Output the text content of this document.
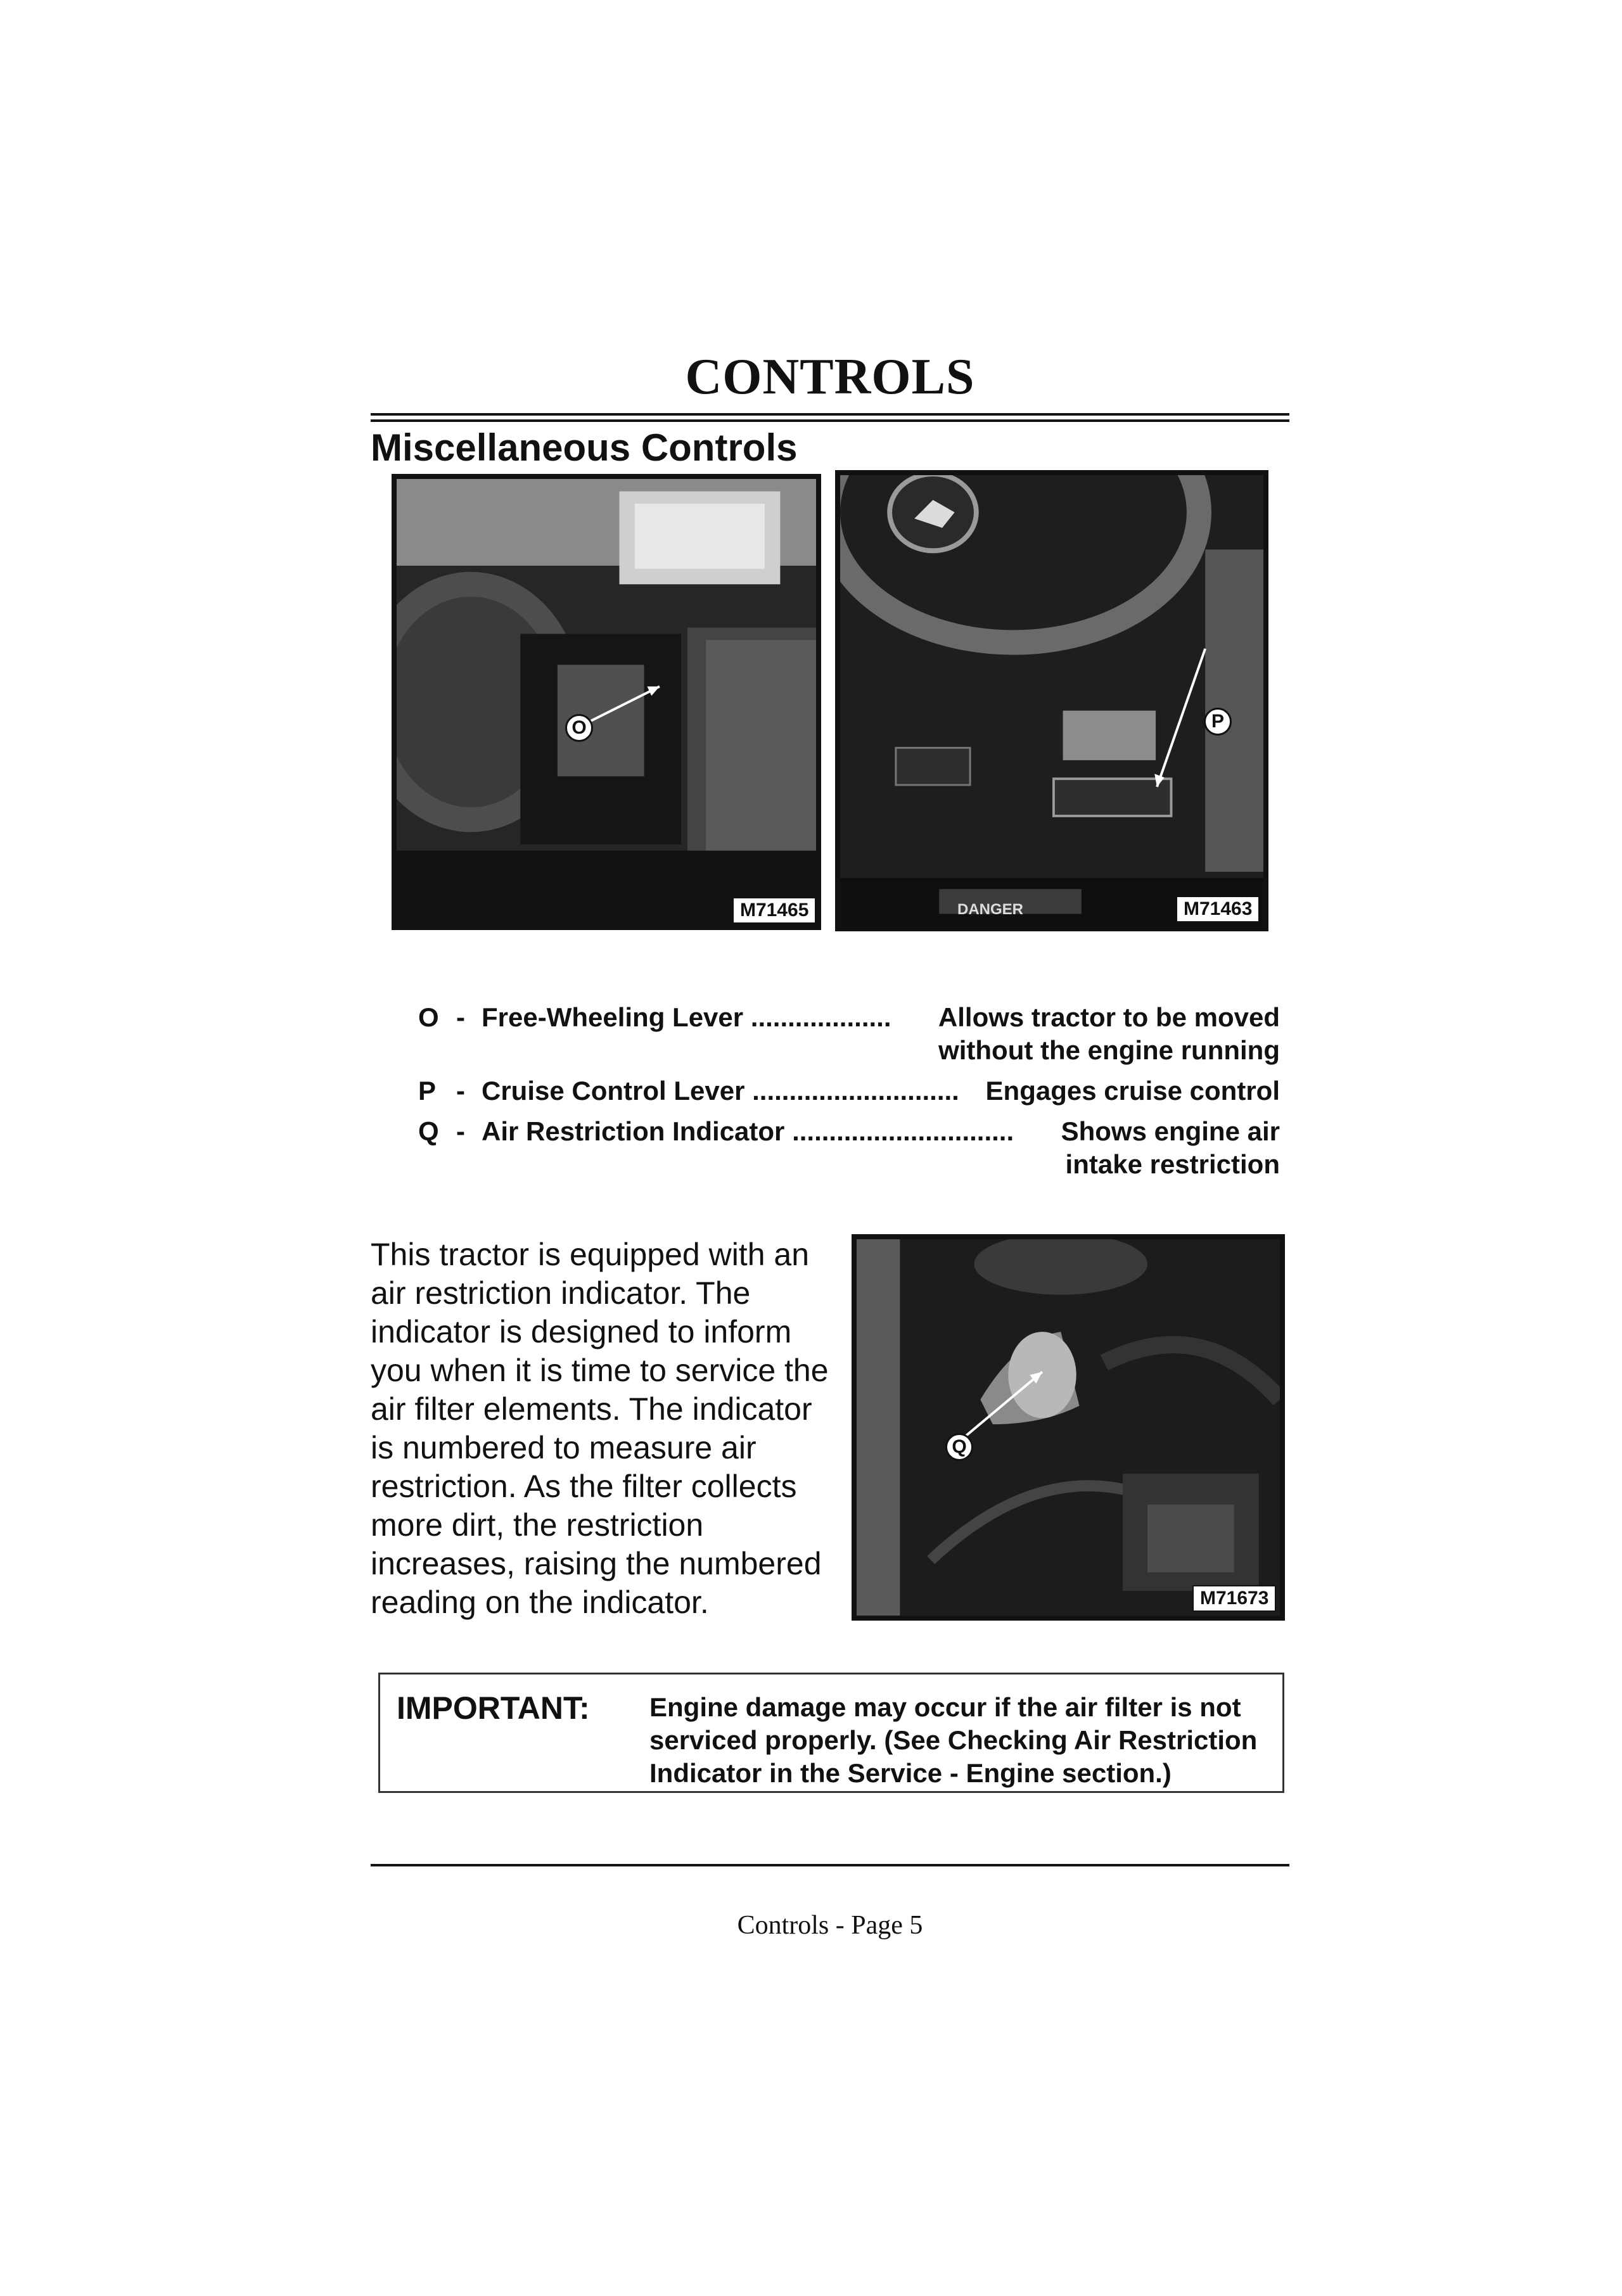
CONTROLS
Miscellaneous Controls
O
M71465	DANGER
P
M71463
O - Free-Wheeling Lever ................... Allows tractor to be moved
without the engine running
P - Cruise Control Lever ............................ Engages cruise control
Q - Air Restriction Indicator .............................. Shows engine air
intake restriction
This tractor is equipped with an
air restriction indicator. The
indicator is designed to inform
you when it is time to service the
air filter elements. The indicator
is numbered to measure air
restriction. As the filter collects
more dirt, the restriction
increases, raising the numbered
reading on the indicator.
Q
M71673
IMPORTANT: Engine damage may occur if the air filter is not
serviced properly. (See Checking Air Restriction
Indicator in the Service - Engine section.)
Controls - Page 5
